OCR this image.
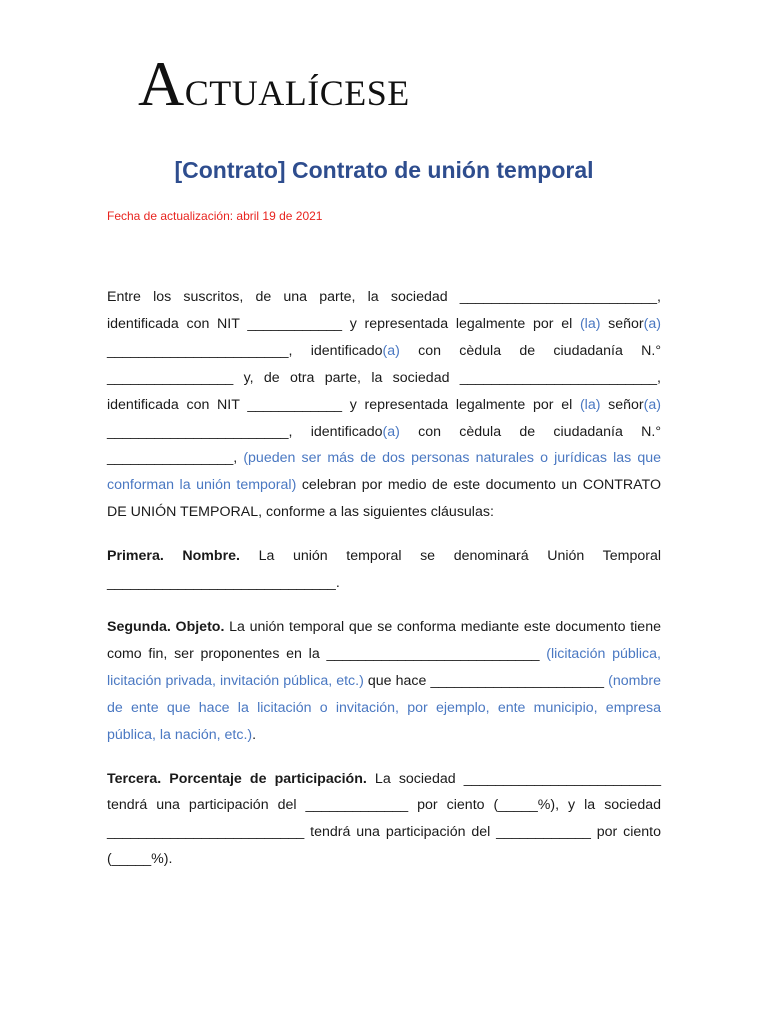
Actualícese
[Contrato] Contrato de unión temporal
Fecha de actualización: abril 19 de 2021

Entre los suscritos, de una parte, la sociedad _________________________, identificada con NIT ____________ y representada legalmente por el (la) señor(a) _______________________, identificado(a) con cèdula de ciudadanía N.° ________________ y, de otra parte, la sociedad _________________________, identificada con NIT ____________ y representada legalmente por el (la) señor(a) _______________________, identificado(a) con cèdula de ciudadanía N.° ________________, (pueden ser más de dos personas naturales o jurídicas las que conforman la unión temporal) celebran por medio de este documento un CONTRATO DE UNIÓN TEMPORAL, conforme a las siguientes cláusulas:

Primera. Nombre. La unión temporal se denominará Unión Temporal _____________________________.

Segunda. Objeto. La unión temporal que se conforma mediante este documento tiene como fin, ser proponentes en la ___________________________ (licitación pública, licitación privada, invitación pública, etc.) que hace ______________________ (nombre de ente que hace la licitación o invitación, por ejemplo, ente municipio, empresa pública, la nación, etc.).

Tercera. Porcentaje de participación. La sociedad _________________________ tendrá una participación del _____________ por ciento (_____%), y la sociedad _________________________ tendrá una participación del ____________ por ciento (_____%).
